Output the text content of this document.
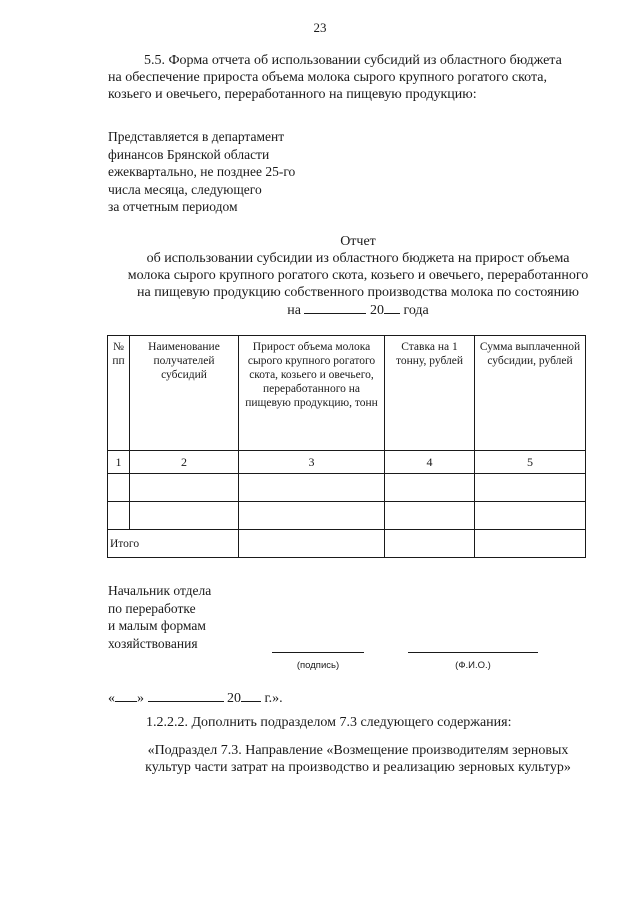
23
5.5. Форма отчета об использовании субсидий из областного бюджета
на обеспечение прироста объема молока сырого крупного рогатого скота,
козьего и овечьего, переработанного на пищевую продукцию:
Представляется в департамент
финансов Брянской области
ежеквартально, не позднее 25-го
числа месяца, следующего
за отчетным периодом
Отчет
об использовании субсидии из областного бюджета на прирост объема
молока сырого крупного рогатого скота, козьего и овечьего, переработанного
на пищевую продукцию собственного производства молока по состоянию
на	20 года
№ пп	Наименование получателей субсидий	Прирост объема молока сырого крупного рогатого скота, козьего и овечьего, переработанного на пищевую продукцию, тонн	Ставка на 1 тонну, рублей	Сумма выплаченной субсидии, рублей
1	2	3	4	5

Итого				
Начальник отдела
по переработке
и малым формам
хозяйствования
(подпись)	(Ф.И.О.)
« »	20 г.».
1.2.2.2. Дополнить подразделом 7.3 следующего содержания:
«Подраздел 7.3. Направление «Возмещение производителям зерновых
культур части затрат на производство и реализацию зерновых культур»
